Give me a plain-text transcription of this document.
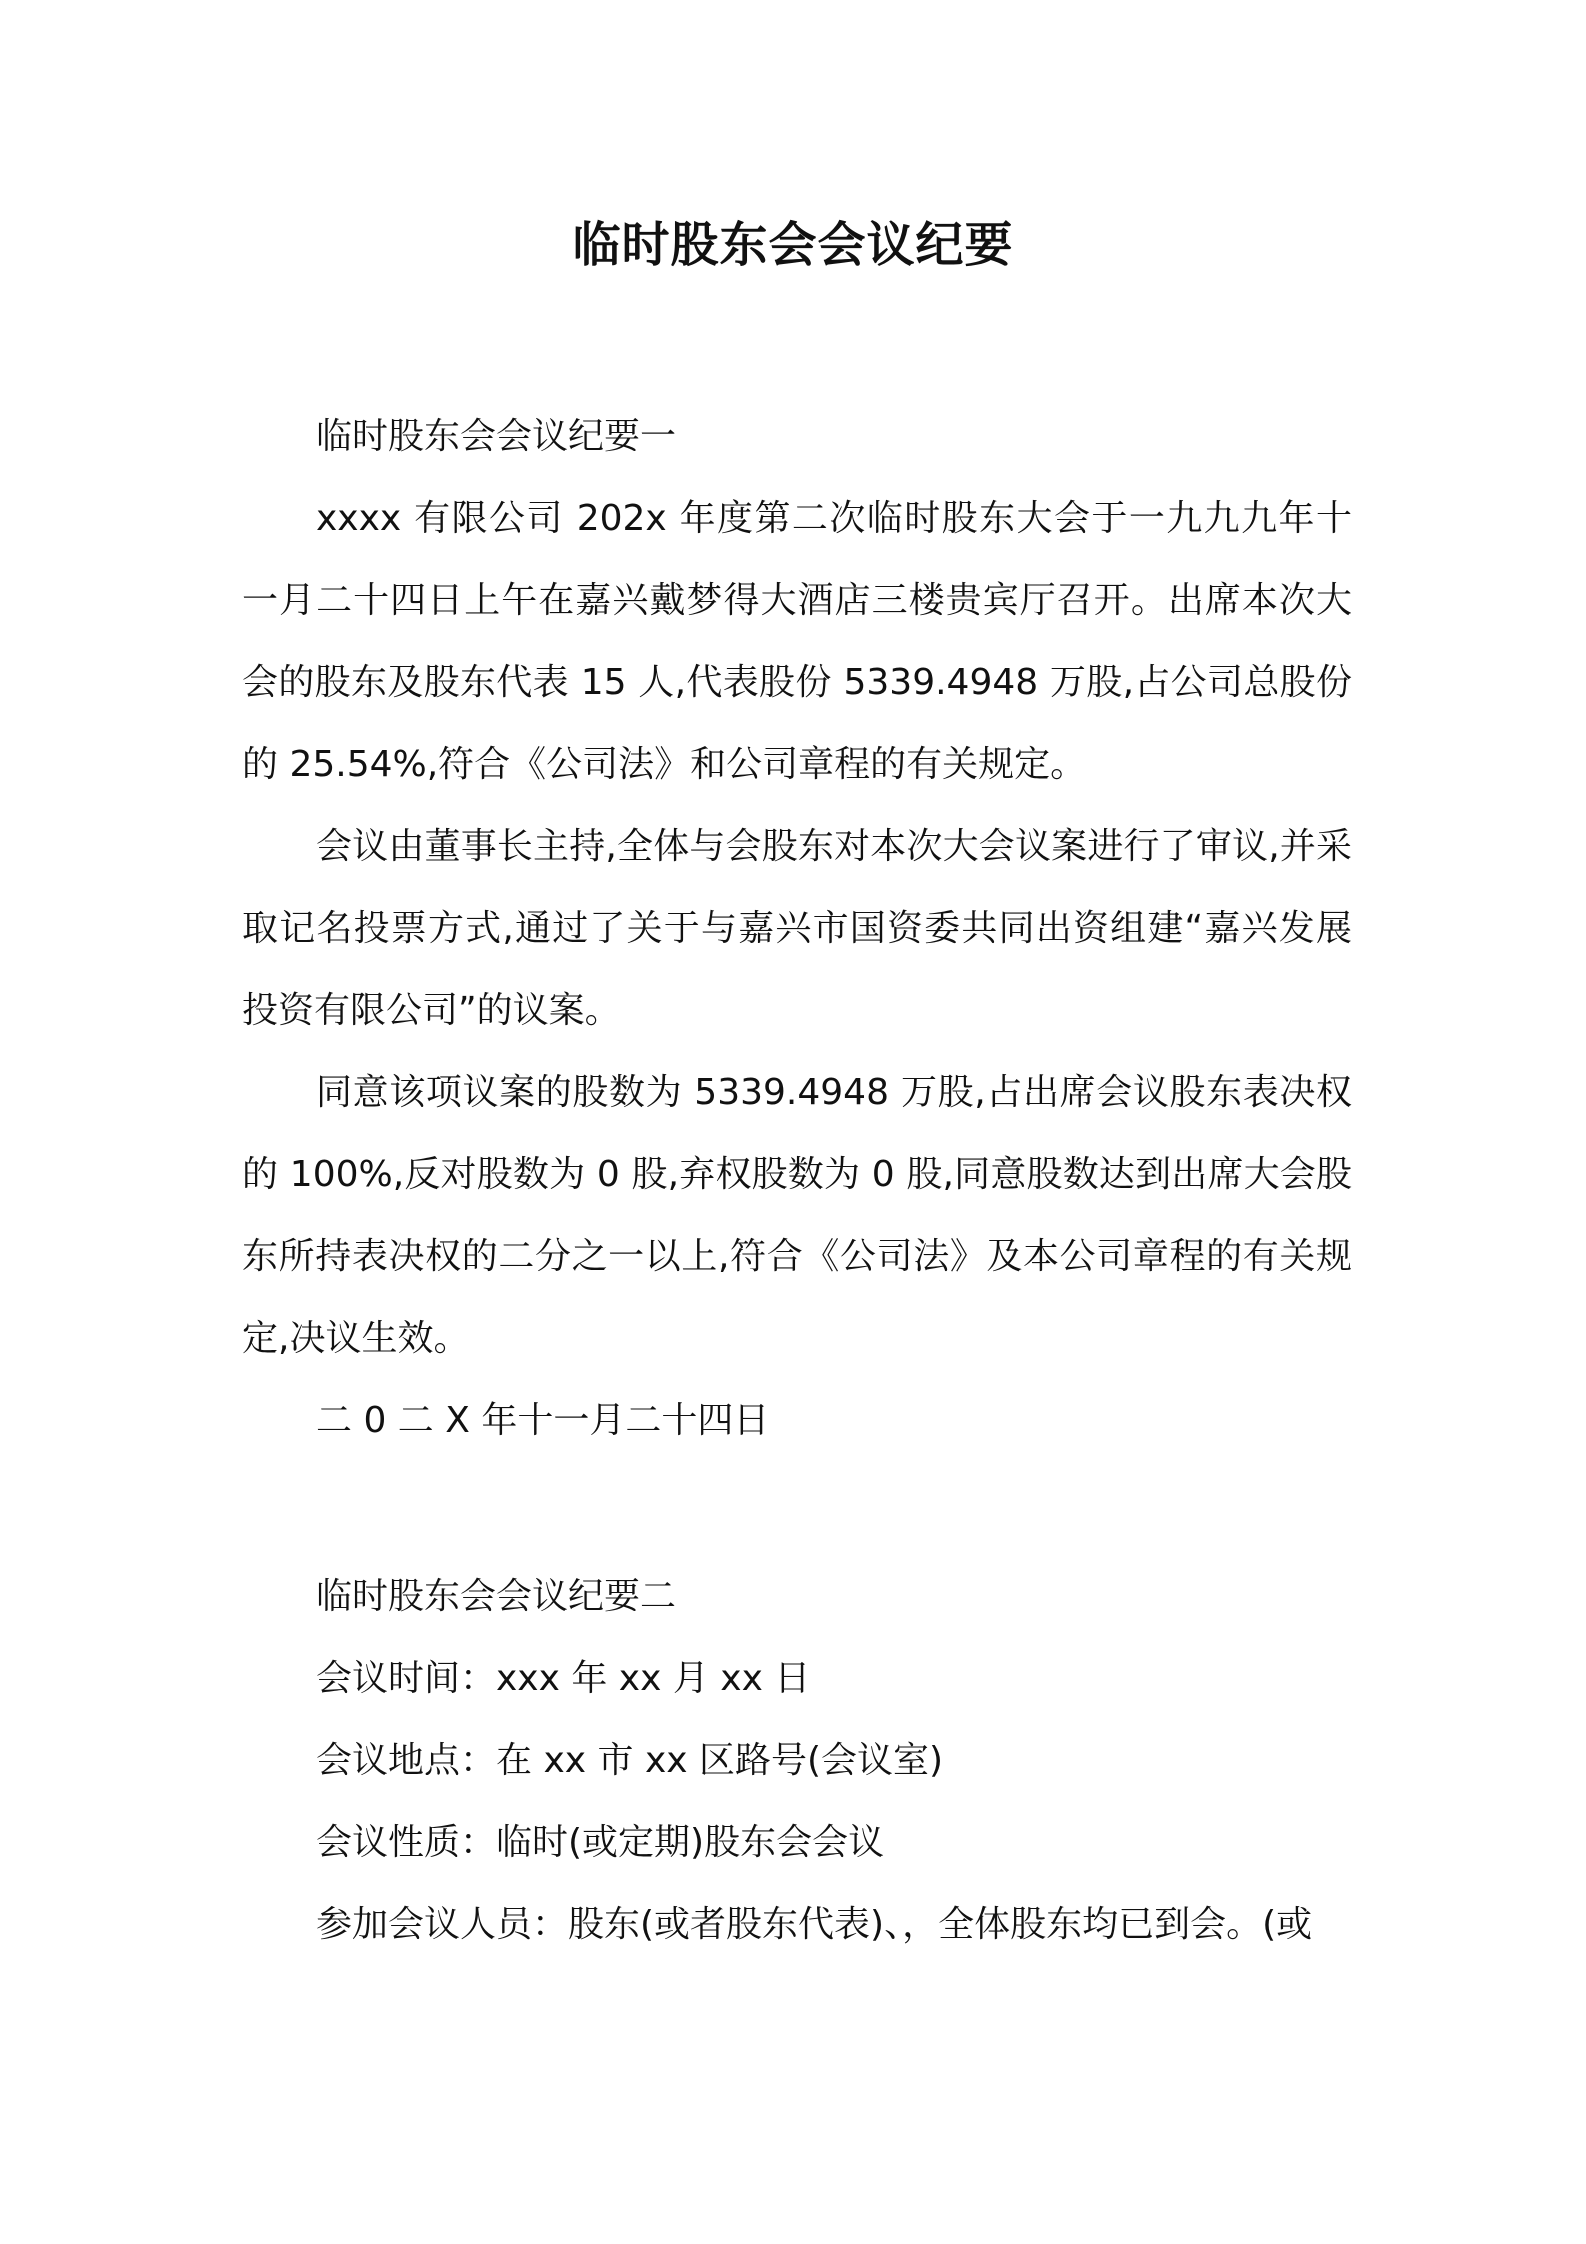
临时股东会会议纪要

临时股东会会议纪要一

xxxx 有限公司 202x 年度第二次临时股东大会于一九九九年十一月二十四日上午在嘉兴戴梦得大酒店三楼贵宾厅召开。出席本次大会的股东及股东代表 15 人,代表股份 5339.4948 万股,占公司总股份的 25.54%,符合《公司法》和公司章程的有关规定。

会议由董事长主持,全体与会股东对本次大会议案进行了审议,并采取记名投票方式,通过了关于与嘉兴市国资委共同出资组建“嘉兴发展投资有限公司”的议案。

同意该项议案的股数为 5339.4948 万股,占出席会议股东表决权的 100%,反对股数为 0 股,弃权股数为 0 股,同意股数达到出席大会股东所持表决权的二分之一以上,符合《公司法》及本公司章程的有关规定,决议生效。

二 0 二 X 年十一月二十四日

临时股东会会议纪要二

会议时间：xxx 年 xx 月 xx 日

会议地点：在 xx 市 xx 区路号(会议室)

会议性质：临时(或定期)股东会会议

参加会议人员：股东(或者股东代表)、，全体股东均已到会。(或
